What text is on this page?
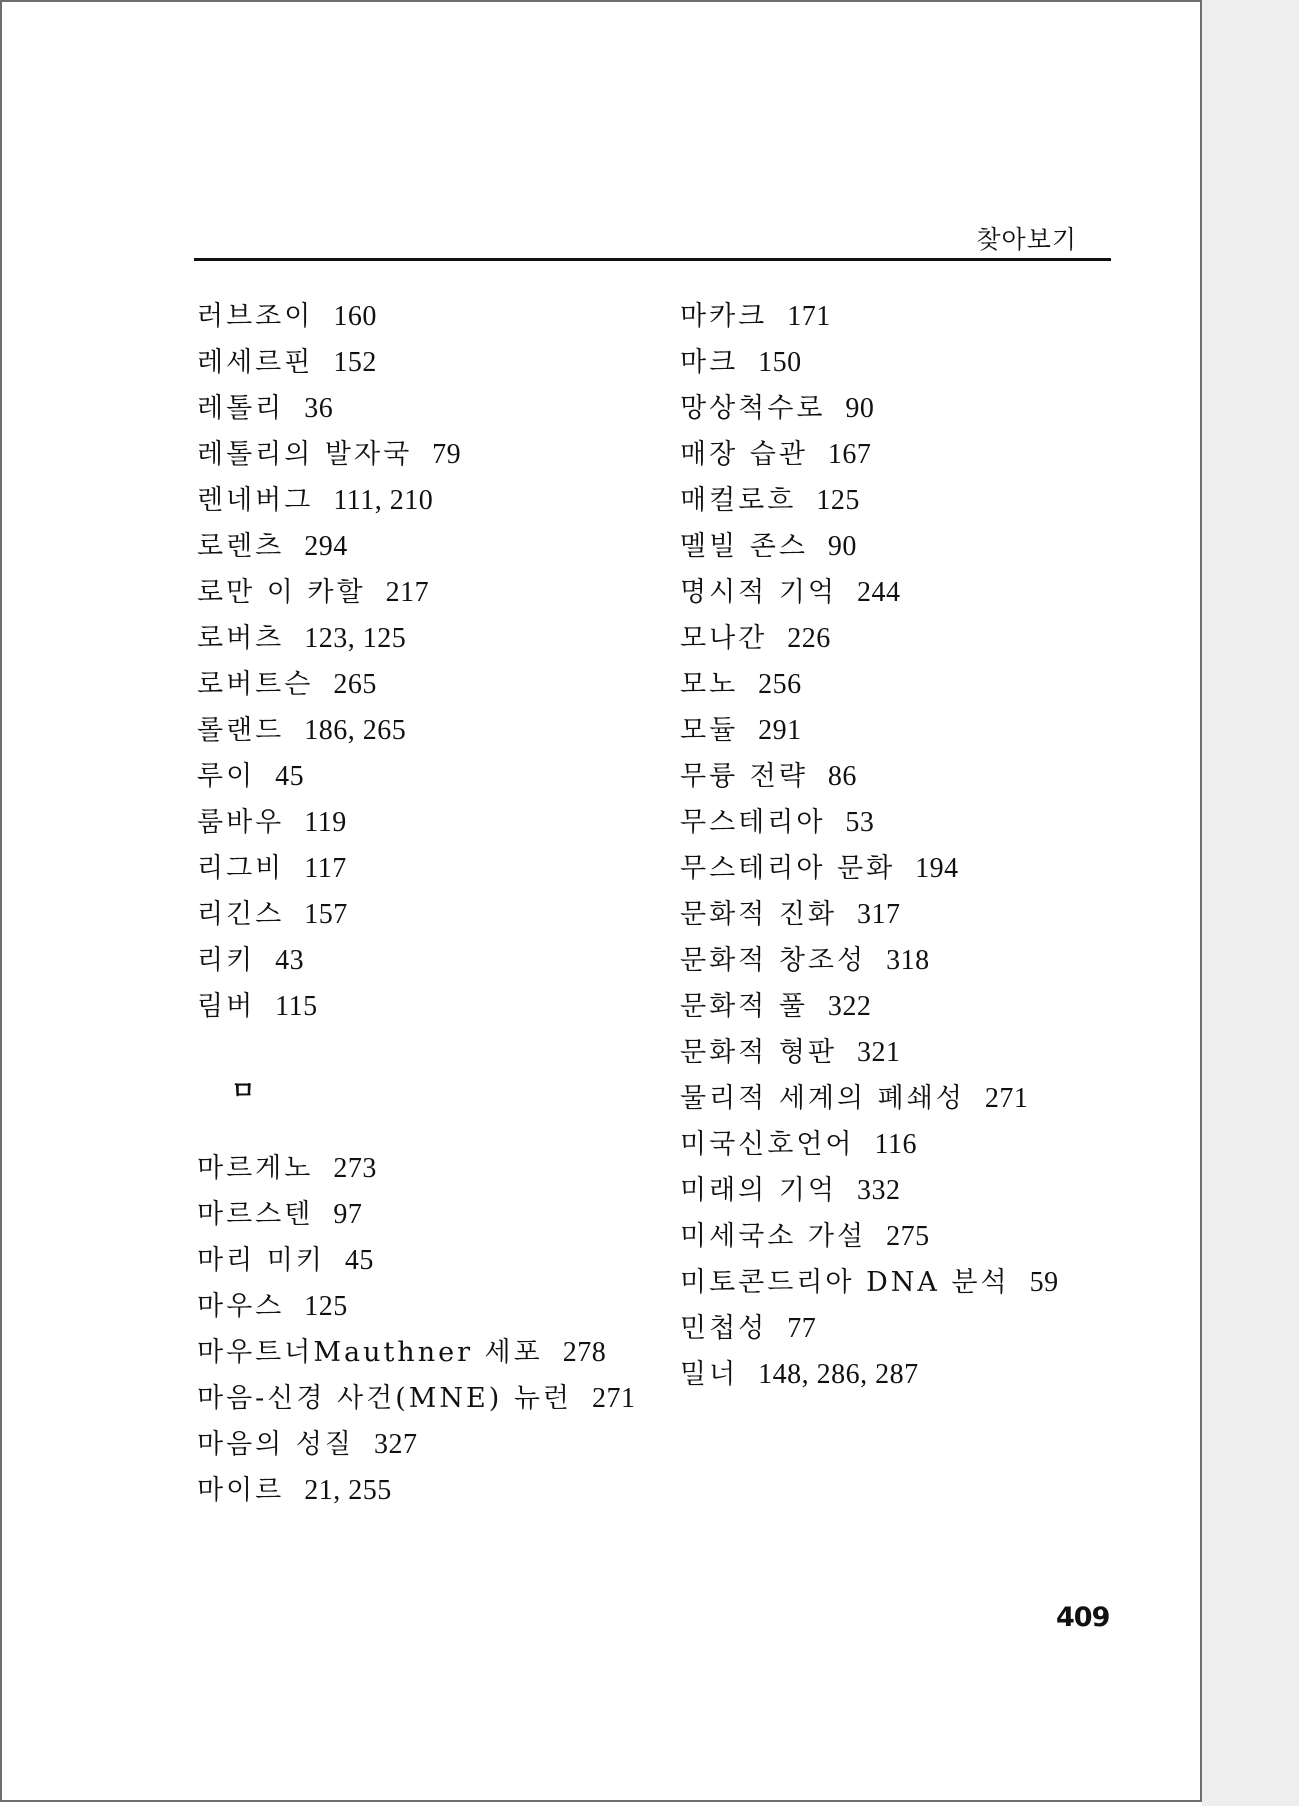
찾아보기
러브조이 160
레세르핀 152
레톨리 36
레톨리의 발자국 79
렌네버그 111, 210
로렌츠 294
로만 이 카할 217
로버츠 123, 125
로버트슨 265
롤랜드 186, 265
루이 45
룸바우 119
리그비 117
리긴스 157
리키 43
림버 115
ㅁ
마르게노 273
마르스텐 97
마리 미키 45
마우스 125
마우트너Mauthner 세포 278
마음-신경 사건(MNE) 뉴런 271
마음의 성질 327
마이르 21, 255
마카크 171
마크 150
망상척수로 90
매장 습관 167
매컬로흐 125
멜빌 존스 90
명시적 기억 244
모나간 226
모노 256
모듈 291
무륭 전략 86
무스테리아 53
무스테리아 문화 194
문화적 진화 317
문화적 창조성 318
문화적 풀 322
문화적 형판 321
물리적 세계의 폐쇄성 271
미국신호언어 116
미래의 기억 332
미세국소 가설 275
미토콘드리아 DNA 분석 59
민첩성 77
밀너 148, 286, 287
409
